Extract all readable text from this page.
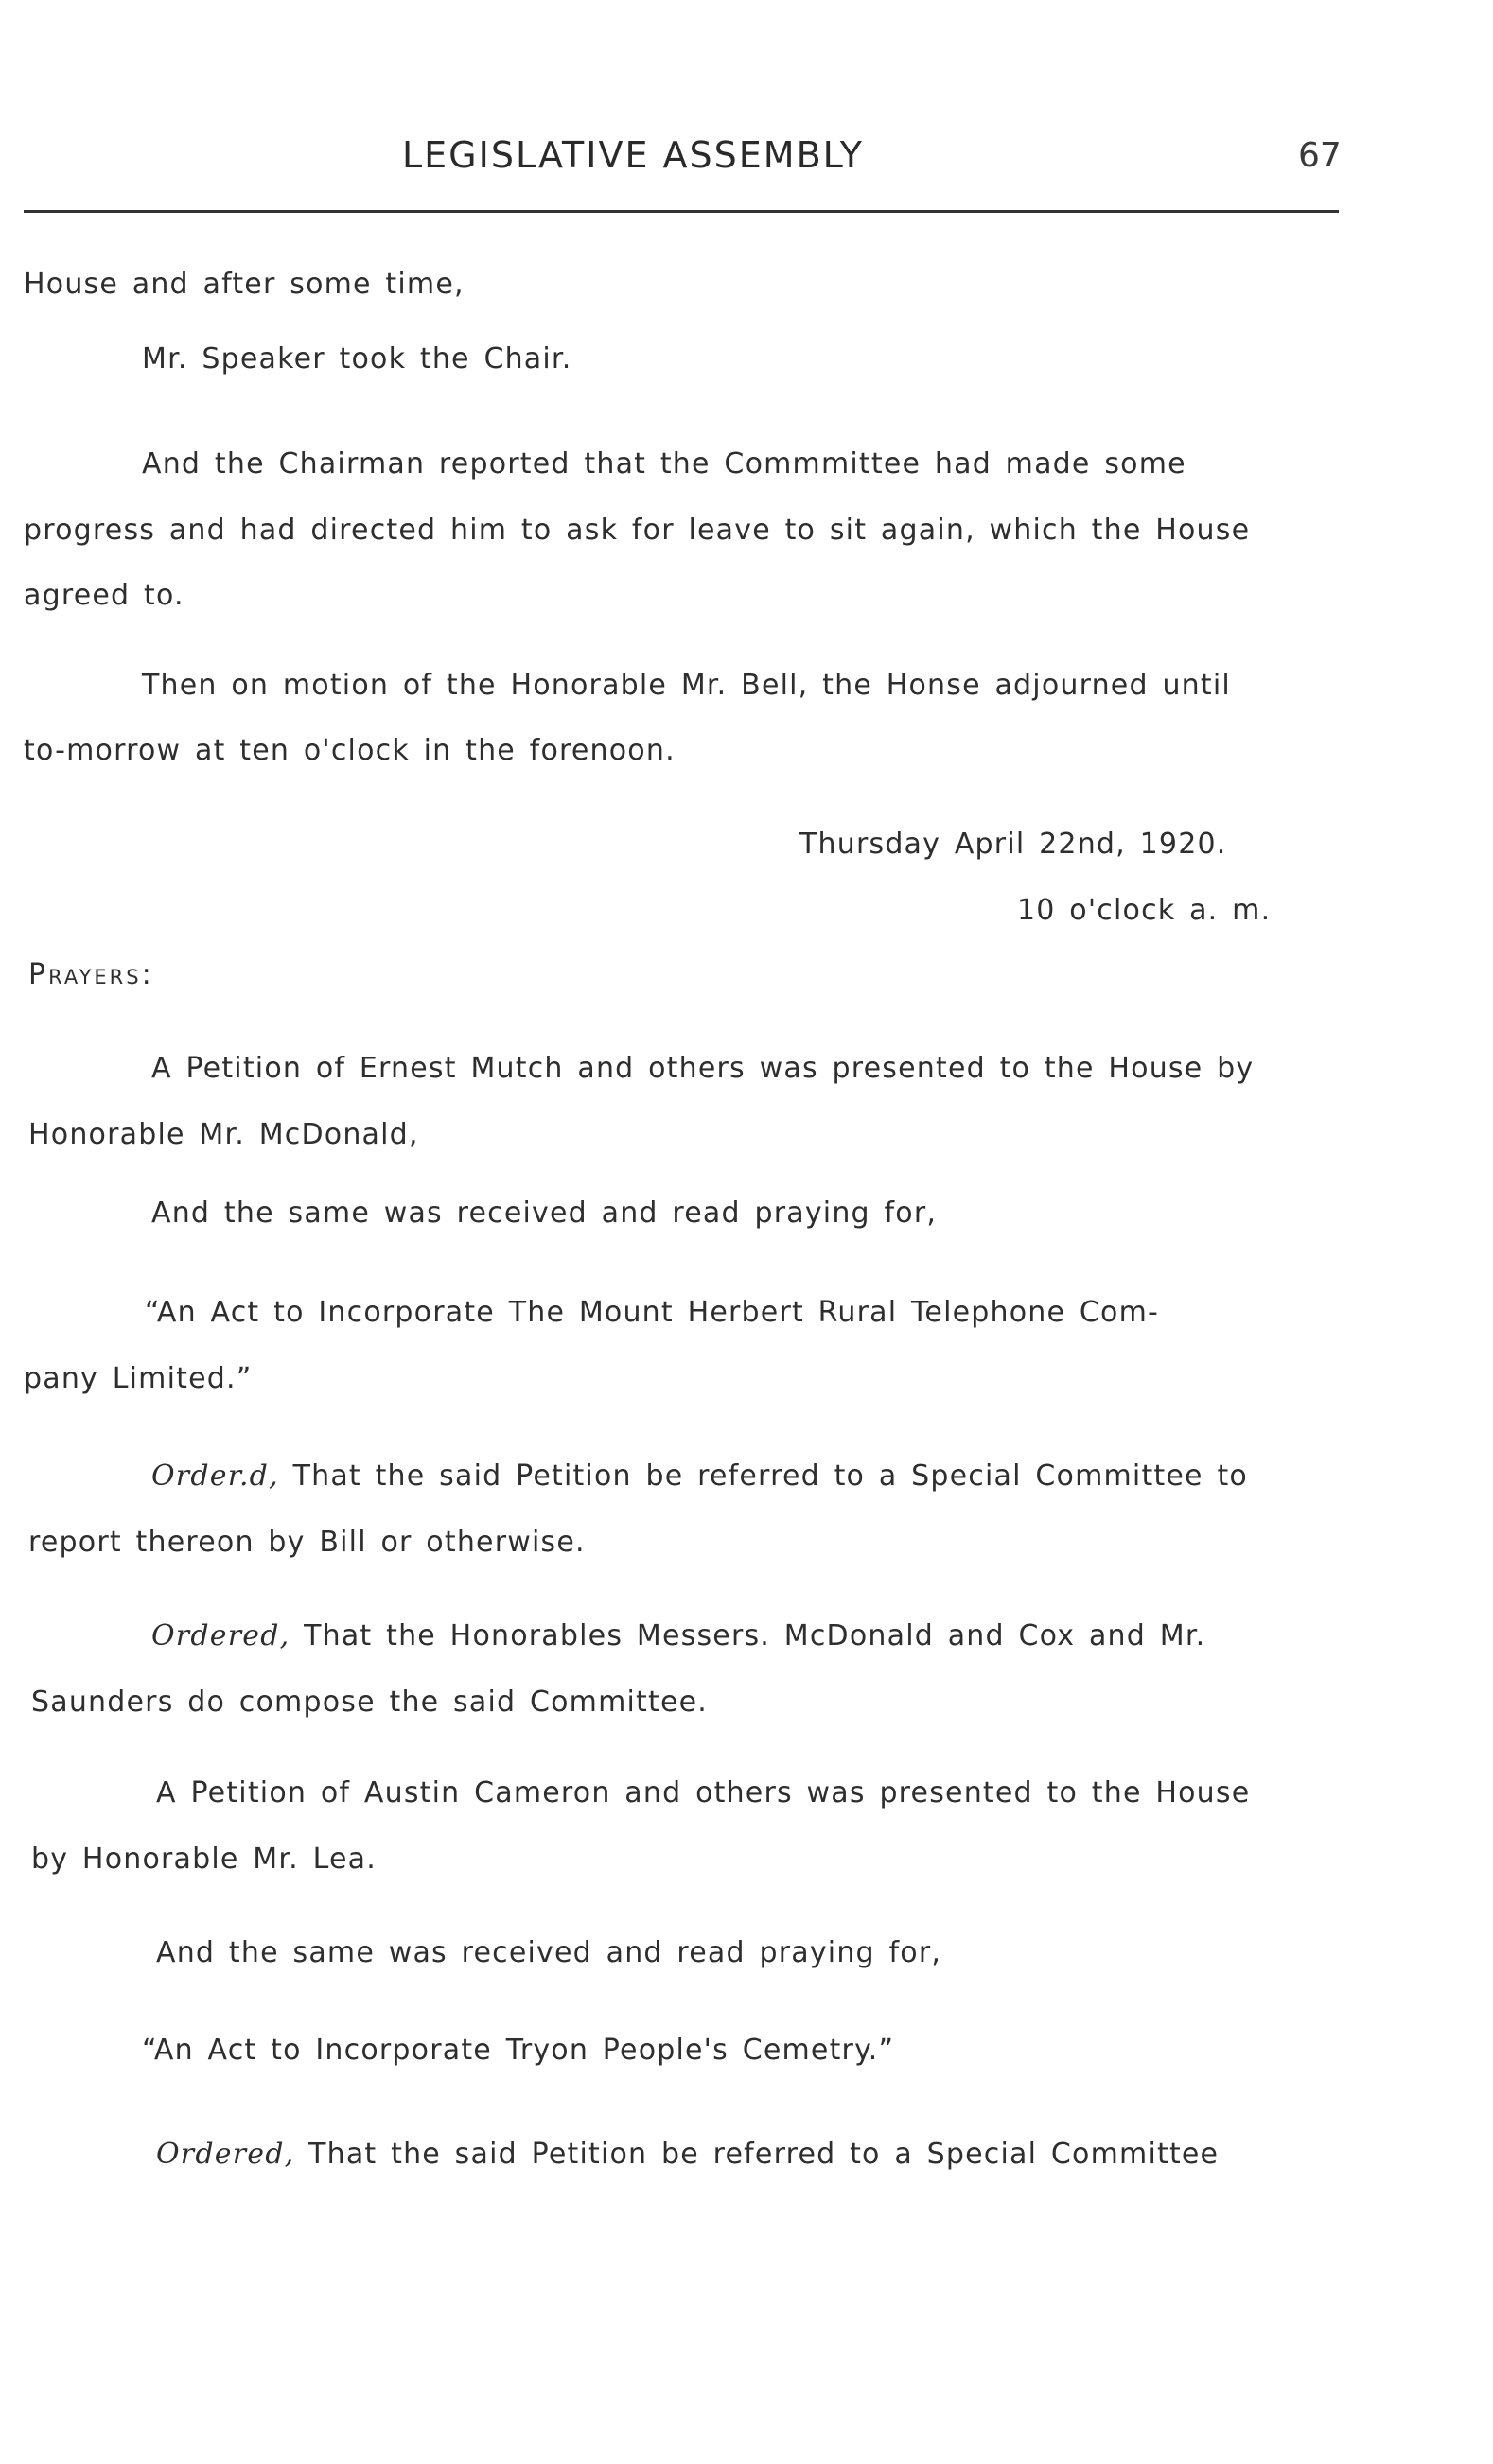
LEGISLATIVE ASSEMBLY	67
House and after some time,
Mr. Speaker took the Chair.
And the Chairman reported that the Commmittee had made some
progress and had directed him to ask for leave to sit again, which the House
agreed to.
Then on motion of the Honorable Mr. Bell, the Honse adjourned until
to-morrow at ten o'clock in the forenoon.
Thursday April 22nd, 1920.
10 o'clock a. m.
Prayers:
A Petition of Ernest Mutch and others was presented to the House by
Honorable Mr. McDonald,
And the same was received and read praying for,
“An Act to Incorporate The Mount Herbert Rural Telephone Com-
pany Limited.”
Order.d, That the said Petition be referred to a Special Committee to
report thereon by Bill or otherwise.
Ordered, That the Honorables Messers. McDonald and Cox and Mr.
Saunders do compose the said Committee.
A Petition of Austin Cameron and others was presented to the House
by Honorable Mr. Lea.
And the same was received and read praying for,
“An Act to Incorporate Tryon People's Cemetry.”
Ordered, That the said Petition be referred to a Special Committee
